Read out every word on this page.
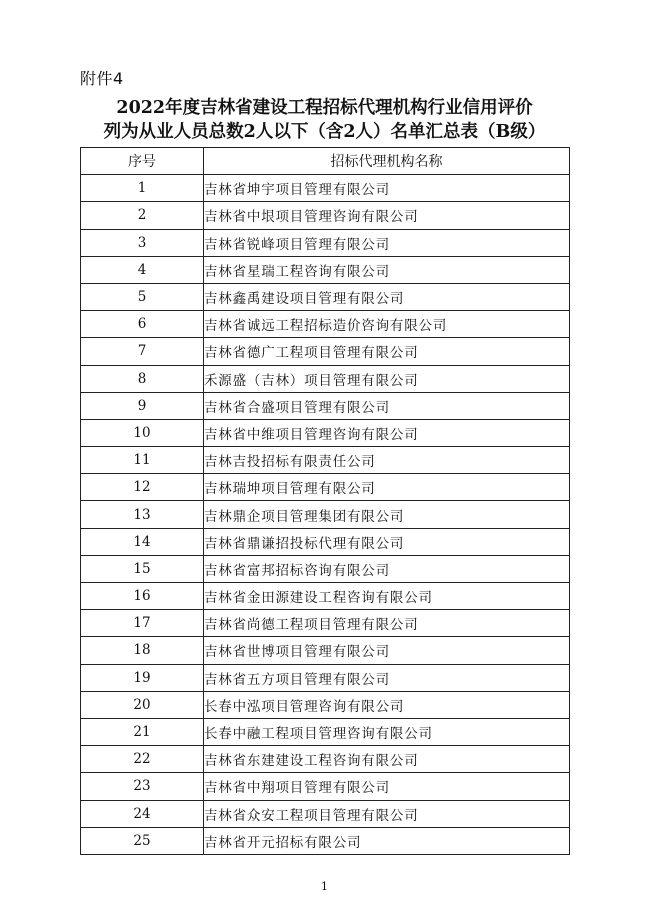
附件4
2022年度吉林省建设工程招标代理机构行业信用评价
列为从业人员总数2人以下（含2人）名单汇总表（B级）
序号	招标代理机构名称
1	吉林省坤宇项目管理有限公司
2	吉林省中垠项目管理咨询有限公司
3	吉林省锐峰项目管理有限公司
4	吉林省星瑞工程咨询有限公司
5	吉林鑫禹建设项目管理有限公司
6	吉林省诚远工程招标造价咨询有限公司
7	吉林省德广工程项目管理有限公司
8	禾源盛（吉林）项目管理有限公司
9	吉林省合盛项目管理有限公司
10	吉林省中维项目管理咨询有限公司
11	吉林吉投招标有限责任公司
12	吉林瑞坤项目管理有限公司
13	吉林鼎企项目管理集团有限公司
14	吉林省鼎谦招投标代理有限公司
15	吉林省富邦招标咨询有限公司
16	吉林省金田源建设工程咨询有限公司
17	吉林省尚德工程项目管理有限公司
18	吉林省世博项目管理有限公司
19	吉林省五方项目管理有限公司
20	长春中泓项目管理咨询有限公司
21	长春中融工程项目管理咨询有限公司
22	吉林省东建建设工程咨询有限公司
23	吉林省中翔项目管理有限公司
24	吉林省众安工程项目管理有限公司
25	吉林省开元招标有限公司
1
